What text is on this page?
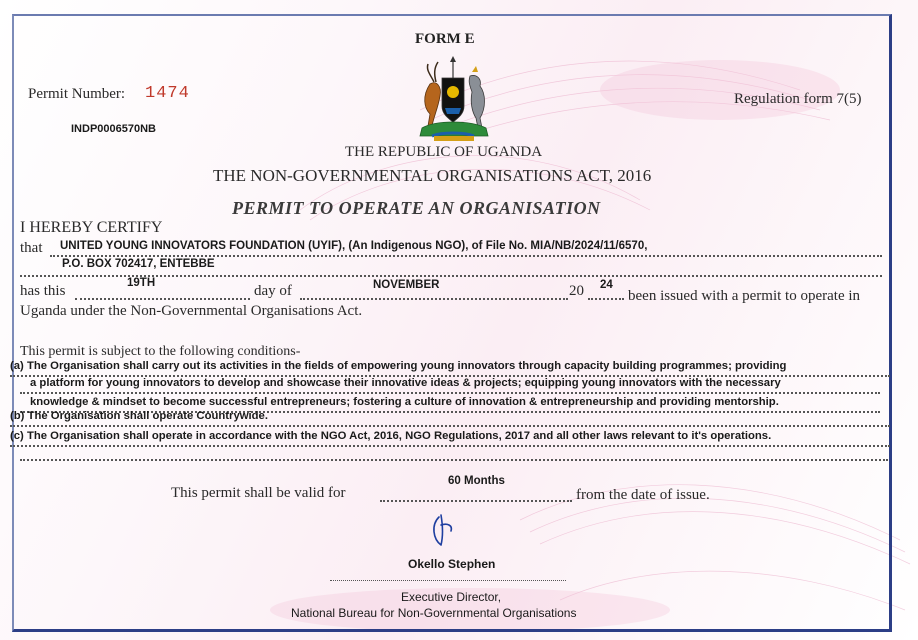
FORM E
Permit Number: 1474
INDP0006570NB
Regulation form 7(5)
THE REPUBLIC OF UGANDA
THE NON-GOVERNMENTAL ORGANISATIONS ACT, 2016
PERMIT TO OPERATE AN ORGANISATION
I HEREBY CERTIFY
that UNITED YOUNG INNOVATORS FOUNDATION (UYIF), (An Indigenous NGO), of File No. MIA/NB/2024/11/6570,
P.O. BOX 702417, ENTEBBE
has this	19TH	day of	NOVEMBER	20 24
been issued with a permit to operate in
Uganda under the Non-Governmental Organisations Act.
This permit is subject to the following conditions-
(a) The Organisation shall carry out its activities in the fields of empowering young innovators through capacity building programmes; providing
a platform for young innovators to develop and showcase their innovative ideas & projects; equipping young innovators with the necessary
knowledge & mindset to become successful entrepreneurs; fostering a culture of innovation & entrepreneurship and providing mentorship.
(b) The Organisation shall operate Countrywide.
(c) The Organisation shall operate in accordance with the NGO Act, 2016, NGO Regulations, 2017 and all other laws relevant to it's operations.
60 Months
This permit shall be valid for	from the date of issue.
Okello Stephen
Executive Director,
National Bureau for Non-Governmental Organisations
